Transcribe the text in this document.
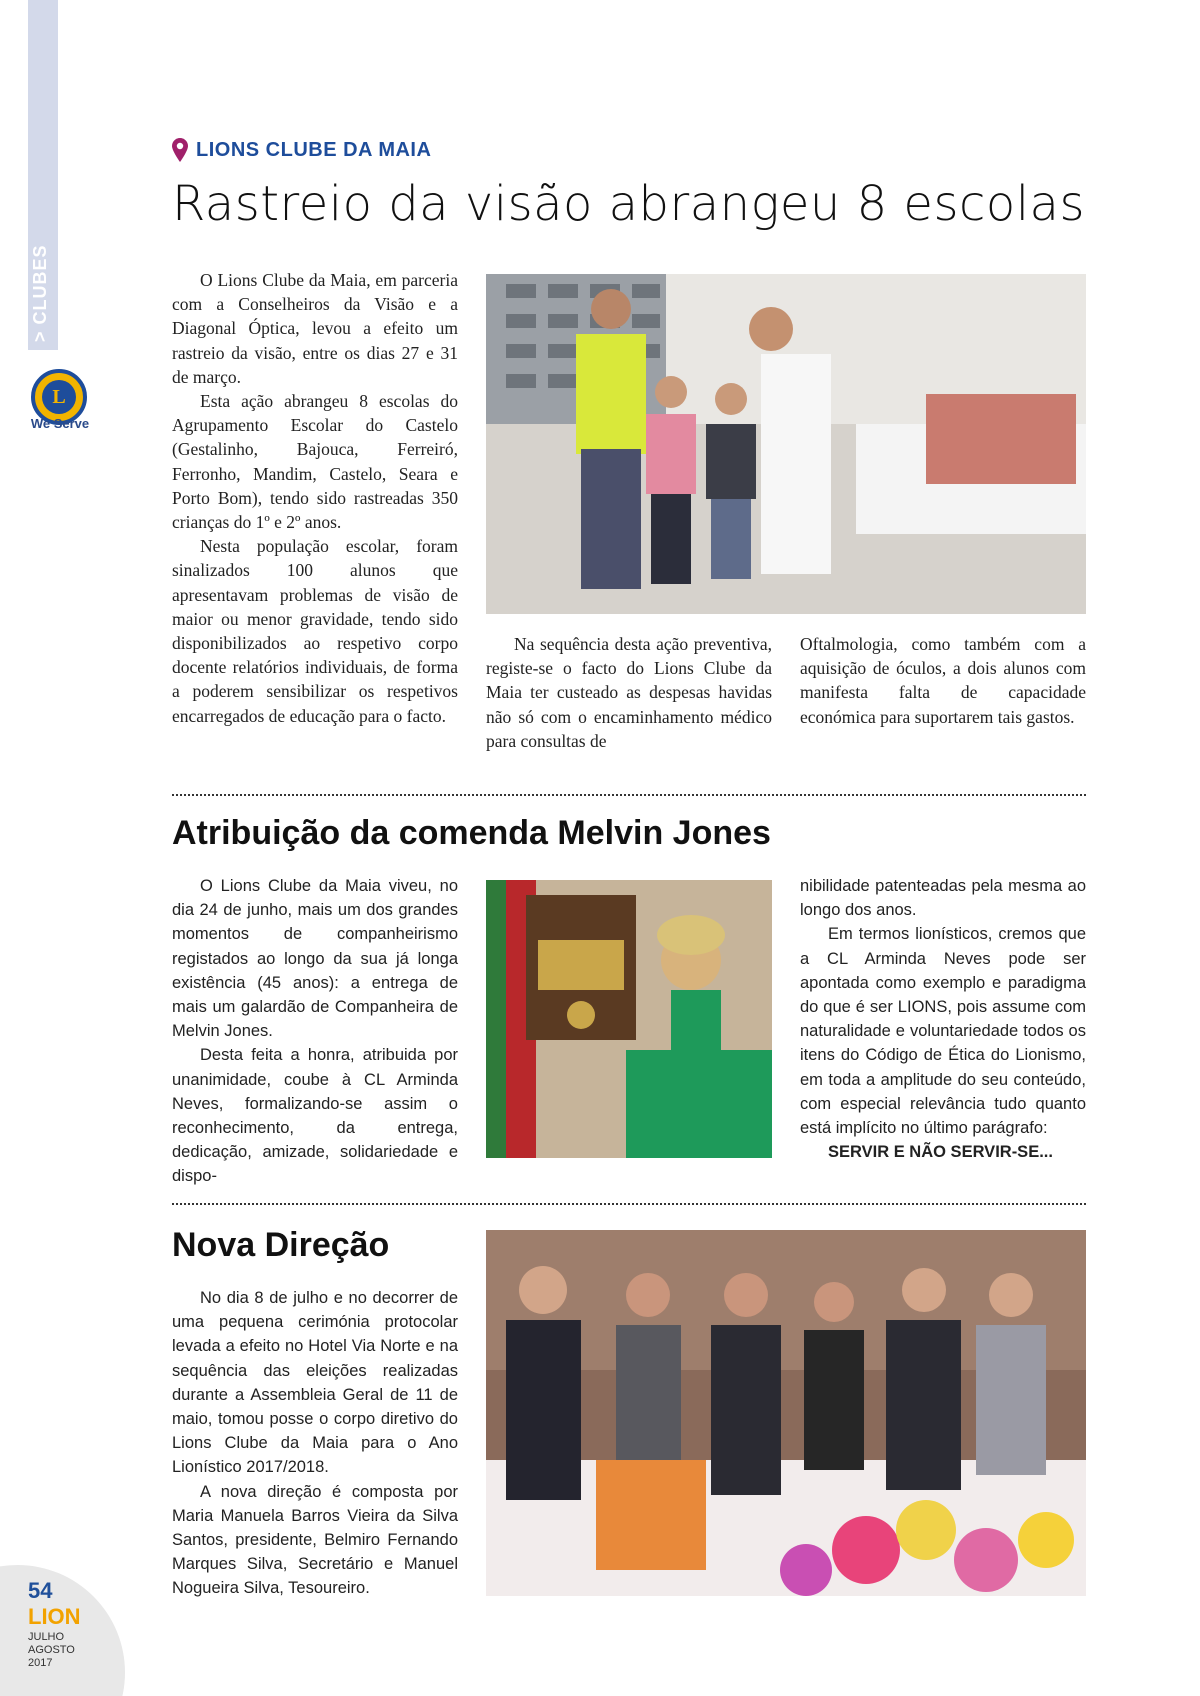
> CLUBES
L
We Serve
54
LION
JULHO
AGOSTO
2017
LIONS CLUBE DA MAIA
Rastreio da visão abrangeu 8 escolas

O Lions Clube da Maia, em parceria com a Conselheiros da Visão e a Diagonal Óptica, levou a efeito um rastreio da visão, entre os dias 27 e 31 de março.

Esta ação abrangeu 8 escolas do Agrupamento Escolar do Castelo (Gestalinho, Bajouca, Ferreiró, Ferronho, Mandim, Castelo, Seara e Porto Bom), tendo sido rastreadas 350 crianças do 1º e 2º anos.

Nesta população escolar, foram sinalizados 100 alunos que apresentavam problemas de visão de maior ou menor gravidade, tendo sido disponibilizados ao respetivo corpo docente relatórios individuais, de forma a poderem sensibilizar os respetivos encarregados de educação para o facto.

Na sequência desta ação preventiva, registe-se o facto do Lions Clube da Maia ter custeado as despesas havidas não só com o encaminhamento médico para consultas de

Oftalmologia, como também com a aquisição de óculos, a dois alunos com manifesta falta de capacidade económica para suportarem tais gastos.

Atribuição da comenda Melvin Jones

O Lions Clube da Maia viveu, no dia 24 de junho, mais um dos grandes momentos de companheirismo registados ao longo da sua já longa existência (45 anos): a entrega de mais um galardão de Companheira de Melvin Jones.

Desta feita a honra, atribuida por unanimidade, coube à CL Arminda Neves, formalizando-se assim o reconhecimento, da entrega, dedicação, amizade, solidariedade e dispo-

nibilidade patenteadas pela mesma ao longo dos anos.

Em termos lionísticos, cremos que a CL Arminda Neves pode ser apontada como exemplo e paradigma do que é ser LIONS, pois assume com naturalidade e voluntariedade todos os itens do Código de Ética do Lionismo, em toda a amplitude do seu conteúdo, com especial relevância tudo quanto está implícito no último parágrafo:

SERVIR E NÃO SERVIR-SE...

Nova Direção

No dia 8 de julho e no decorrer de uma pequena cerimónia protocolar levada a efeito no Hotel Via Norte e na sequência das eleições realizadas durante a Assembleia Geral de 11 de maio, tomou posse o corpo diretivo do Lions Clube da Maia para o Ano Lionístico 2017/2018.

A nova direção é composta por Maria Manuela Barros Vieira da Silva Santos, presidente, Belmiro Fernando Marques Silva, Secretário e Manuel Nogueira Silva, Tesoureiro.
